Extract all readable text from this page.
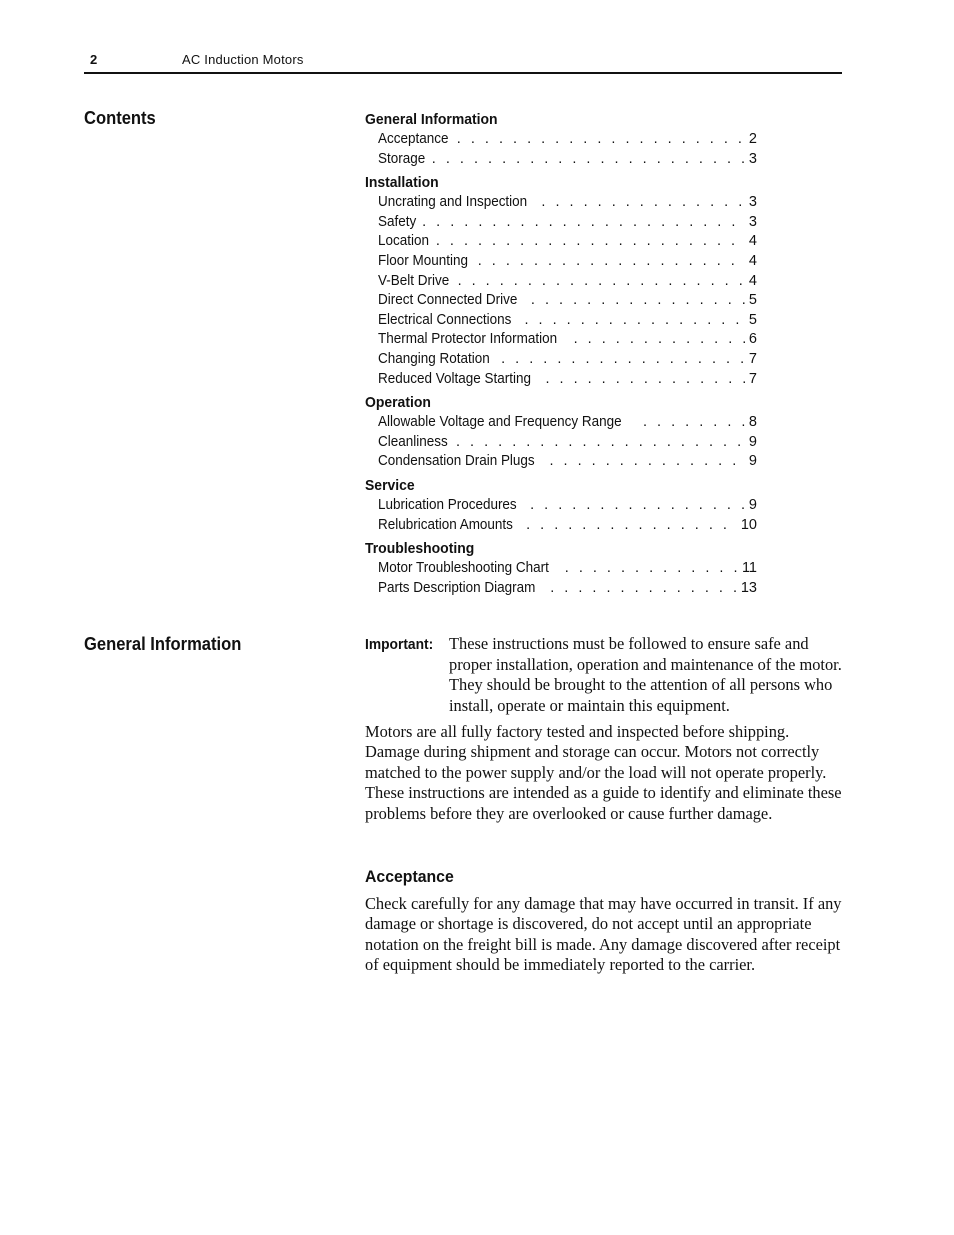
2	AC Induction Motors
Contents	General Information
Acceptance . . .	2
Storage . . .	3
Installation
Uncrating and Inspection . . .	3
Safety . . .	3
Location . . .	4
Floor Mounting . . .	4
V-Belt Drive . . .	4
Direct Connected Drive . . .	5
Electrical Connections . . .	5
Thermal Protector Information . . .	6
Changing Rotation . . .	7
Reduced Voltage Starting . . .	7
Operation
Allowable Voltage and Frequency Range . . .	8
Cleanliness . . .	9
Condensation Drain Plugs . . .	9
Service
Lubrication Procedures . . .	9
Relubrication Amounts . . .	10
Troubleshooting
Motor Troubleshooting Chart . . .	11
Parts Description Diagram . . .	13
General Information	Important: These instructions must be followed to ensure safe and proper installation, operation and maintenance of the motor. They should be brought to the attention of all persons who install, operate or maintain this equipment.

Motors are all fully factory tested and inspected before shipping. Damage during shipment and storage can occur. Motors not correctly matched to the power supply and/or the load will not operate properly. These instructions are intended as a guide to identify and eliminate these problems before they are overlooked or cause further damage.

Acceptance

Check carefully for any damage that may have occurred in transit. If any damage or shortage is discovered, do not accept until an appropriate notation on the freight bill is made. Any damage discovered after receipt of equipment should be immediately reported to the carrier.
